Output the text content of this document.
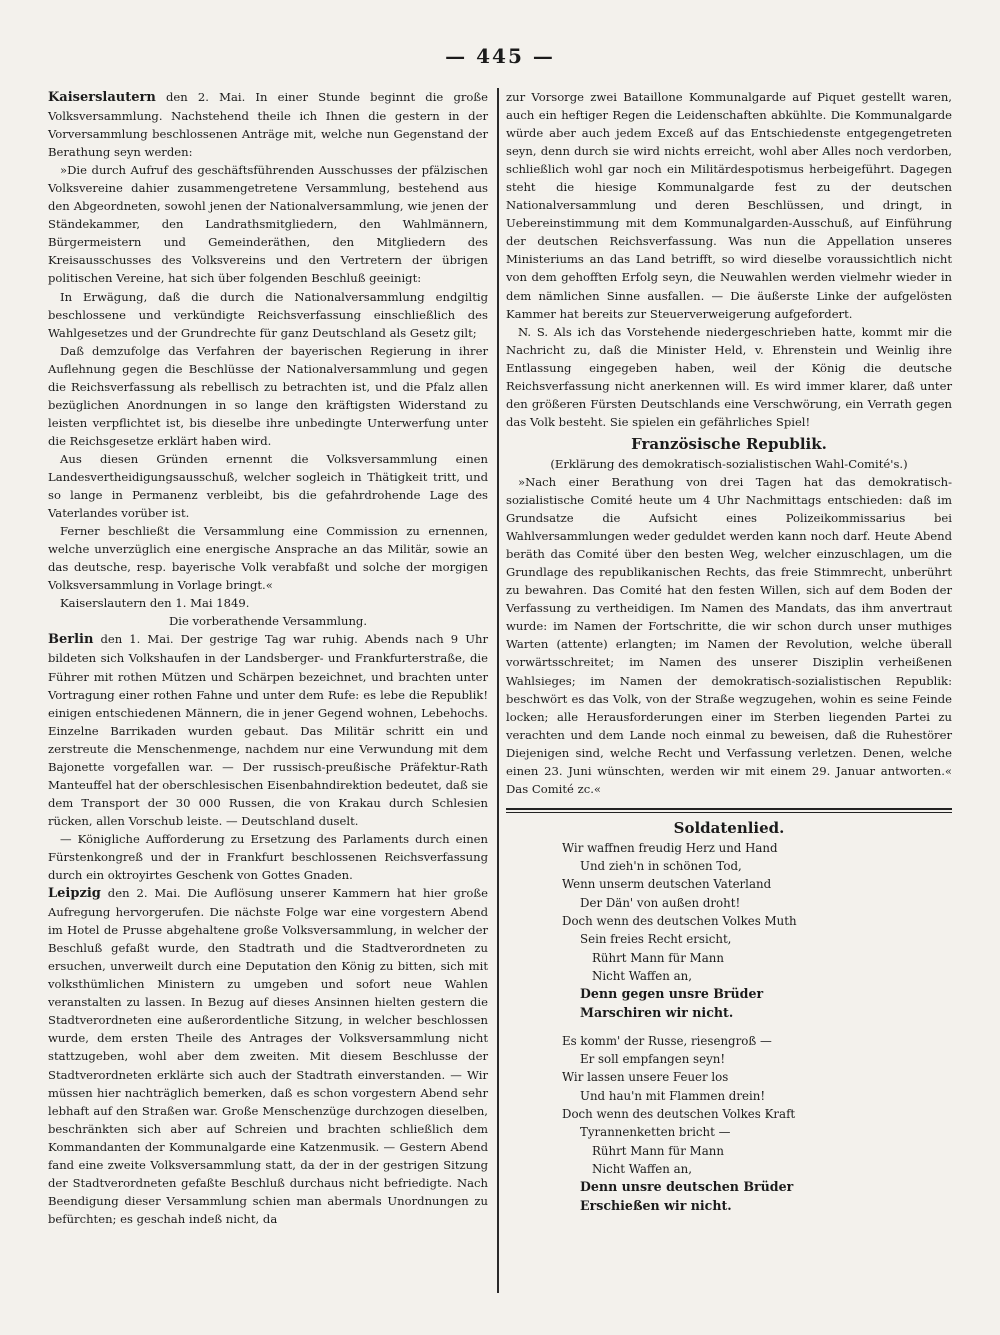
— 445 —

Kaiserslautern den 2. Mai. In einer Stunde beginnt die große Volksversammlung. Nachstehend theile ich Ihnen die gestern in der Vorversammlung beschlossenen Anträge mit, welche nun Gegenstand der Berathung seyn werden:

»Die durch Aufruf des geschäftsführenden Ausschusses der pfälzischen Volksvereine dahier zusammengetretene Versammlung, bestehend aus den Abgeordneten, sowohl jenen der Nationalversammlung, wie jenen der Ständekammer, den Landrathsmitgliedern, den Wahlmännern, Bürgermeistern und Gemeinderäthen, den Mitgliedern des Kreisausschusses des Volksvereins und den Vertretern der übrigen politischen Vereine, hat sich über folgenden Beschluß geeinigt:

In Erwägung, daß die durch die Nationalversammlung endgiltig beschlossene und verkündigte Reichsverfassung einschließlich des Wahlgesetzes und der Grundrechte für ganz Deutschland als Gesetz gilt;

Daß demzufolge das Verfahren der bayerischen Regierung in ihrer Auflehnung gegen die Beschlüsse der Nationalversammlung und gegen die Reichsverfassung als rebellisch zu betrachten ist, und die Pfalz allen bezüglichen Anordnungen in so lange den kräftigsten Widerstand zu leisten verpflichtet ist, bis dieselbe ihre unbedingte Unterwerfung unter die Reichsgesetze erklärt haben wird.

Aus diesen Gründen ernennt die Volksversammlung einen Landesvertheidigungsausschuß, welcher sogleich in Thätigkeit tritt, und so lange in Permanenz verbleibt, bis die gefahrdrohende Lage des Vaterlandes vorüber ist.

Ferner beschließt die Versammlung eine Commission zu ernennen, welche unverzüglich eine energische Ansprache an das Militär, sowie an das deutsche, resp. bayerische Volk verabfaßt und solche der morgigen Volksversammlung in Vorlage bringt.«

Kaiserslautern den 1. Mai 1849.

Die vorberathende Versammlung.

Berlin den 1. Mai. Der gestrige Tag war ruhig. Abends nach 9 Uhr bildeten sich Volkshaufen in der Landsberger- und Frankfurterstraße, die Führer mit rothen Mützen und Schärpen bezeichnet, und brachten unter Vortragung einer rothen Fahne und unter dem Rufe: es lebe die Republik! einigen entschiedenen Männern, die in jener Gegend wohnen, Lebehochs. Einzelne Barrikaden wurden gebaut. Das Militär schritt ein und zerstreute die Menschenmenge, nachdem nur eine Verwundung mit dem Bajonette vorgefallen war. — Der russisch-preußische Präfektur-Rath Manteuffel hat der oberschlesischen Eisenbahndirektion bedeutet, daß sie dem Transport der 30 000 Russen, die von Krakau durch Schlesien rücken, allen Vorschub leiste. — Deutschland duselt.

— Königliche Aufforderung zu Ersetzung des Parlaments durch einen Fürstenkongreß und der in Frankfurt beschlossenen Reichsverfassung durch ein oktroyirtes Geschenk von Gottes Gnaden.

Leipzig den 2. Mai. Die Auflösung unserer Kammern hat hier große Aufregung hervorgerufen. Die nächste Folge war eine vorgestern Abend im Hotel de Prusse abgehaltene große Volksversammlung, in welcher der Beschluß gefaßt wurde, den Stadtrath und die Stadtverordneten zu ersuchen, unverweilt durch eine Deputation den König zu bitten, sich mit volksthümlichen Ministern zu umgeben und sofort neue Wahlen veranstalten zu lassen. In Bezug auf dieses Ansinnen hielten gestern die Stadtverordneten eine außerordentliche Sitzung, in welcher beschlossen wurde, dem ersten Theile des Antrages der Volksversammlung nicht stattzugeben, wohl aber dem zweiten. Mit diesem Beschlusse der Stadtverordneten erklärte sich auch der Stadtrath einverstanden. — Wir müssen hier nachträglich bemerken, daß es schon vorgestern Abend sehr lebhaft auf den Straßen war. Große Menschenzüge durchzogen dieselben, beschränkten sich aber auf Schreien und brachten schließlich dem Kommandanten der Kommunalgarde eine Katzenmusik. — Gestern Abend fand eine zweite Volksversammlung statt, da der in der gestrigen Sitzung der Stadtverordneten gefaßte Beschluß durchaus nicht befriedigte. Nach Beendigung dieser Versammlung schien man abermals Unordnungen zu befürchten; es geschah indeß nicht, da

zur Vorsorge zwei Bataillone Kommunalgarde auf Piquet gestellt waren, auch ein heftiger Regen die Leidenschaften abkühlte. Die Kommunalgarde würde aber auch jedem Exceß auf das Entschiedenste entgegengetreten seyn, denn durch sie wird nichts erreicht, wohl aber Alles noch verdorben, schließlich wohl gar noch ein Militärdespotismus herbeigeführt. Dagegen steht die hiesige Kommunalgarde fest zu der deutschen Nationalversammlung und deren Beschlüssen, und dringt, in Uebereinstimmung mit dem Kommunalgarden-Ausschuß, auf Einführung der deutschen Reichsverfassung. Was nun die Appellation unseres Ministeriums an das Land betrifft, so wird dieselbe voraussichtlich nicht von dem gehofften Erfolg seyn, die Neuwahlen werden vielmehr wieder in dem nämlichen Sinne ausfallen. — Die äußerste Linke der aufgelösten Kammer hat bereits zur Steuerverweigerung aufgefordert.

N. S. Als ich das Vorstehende niedergeschrieben hatte, kommt mir die Nachricht zu, daß die Minister Held, v. Ehrenstein und Weinlig ihre Entlassung eingegeben haben, weil der König die deutsche Reichsverfassung nicht anerkennen will. Es wird immer klarer, daß unter den größeren Fürsten Deutschlands eine Verschwörung, ein Verrath gegen das Volk besteht. Sie spielen ein gefährliches Spiel!

Französische Republik.

(Erklärung des demokratisch-sozialistischen Wahl-Comité's.)

»Nach einer Berathung von drei Tagen hat das demokratisch-sozialistische Comité heute um 4 Uhr Nachmittags entschieden: daß im Grundsatze die Aufsicht eines Polizeikommissarius bei Wahlversammlungen weder geduldet werden kann noch darf. Heute Abend beräth das Comité über den besten Weg, welcher einzuschlagen, um die Grundlage des republikanischen Rechts, das freie Stimmrecht, unberührt zu bewahren. Das Comité hat den festen Willen, sich auf dem Boden der Verfassung zu vertheidigen. Im Namen des Mandats, das ihm anvertraut wurde: im Namen der Fortschritte, die wir schon durch unser muthiges Warten (attente) erlangten; im Namen der Revolution, welche überall vorwärtsschreitet; im Namen des unserer Disziplin verheißenen Wahlsieges; im Namen der demokratisch-sozialistischen Republik: beschwört es das Volk, von der Straße wegzugehen, wohin es seine Feinde locken; alle Herausforderungen einer im Sterben liegenden Partei zu verachten und dem Lande noch einmal zu beweisen, daß die Ruhestörer Diejenigen sind, welche Recht und Verfassung verletzen. Denen, welche einen 23. Juni wünschten, werden wir mit einem 29. Januar antworten.« Das Comité zc.«

Soldatenlied.
Wir waffnen freudig Herz und Hand
Und zieh'n in schönen Tod,
Wenn unserm deutschen Vaterland
Der Dän' von außen droht!
Doch wenn des deutschen Volkes Muth
Sein freies Recht ersicht,
Rührt Mann für Mann
Nicht Waffen an,
Denn gegen unsre Brüder
Marschiren wir nicht.
Es komm' der Russe, riesengroß —
Er soll empfangen seyn!
Wir lassen unsere Feuer los
Und hau'n mit Flammen drein!
Doch wenn des deutschen Volkes Kraft
Tyrannenketten bricht —
Rührt Mann für Mann
Nicht Waffen an,
Denn unsre deutschen Brüder
Erschießen wir nicht.
